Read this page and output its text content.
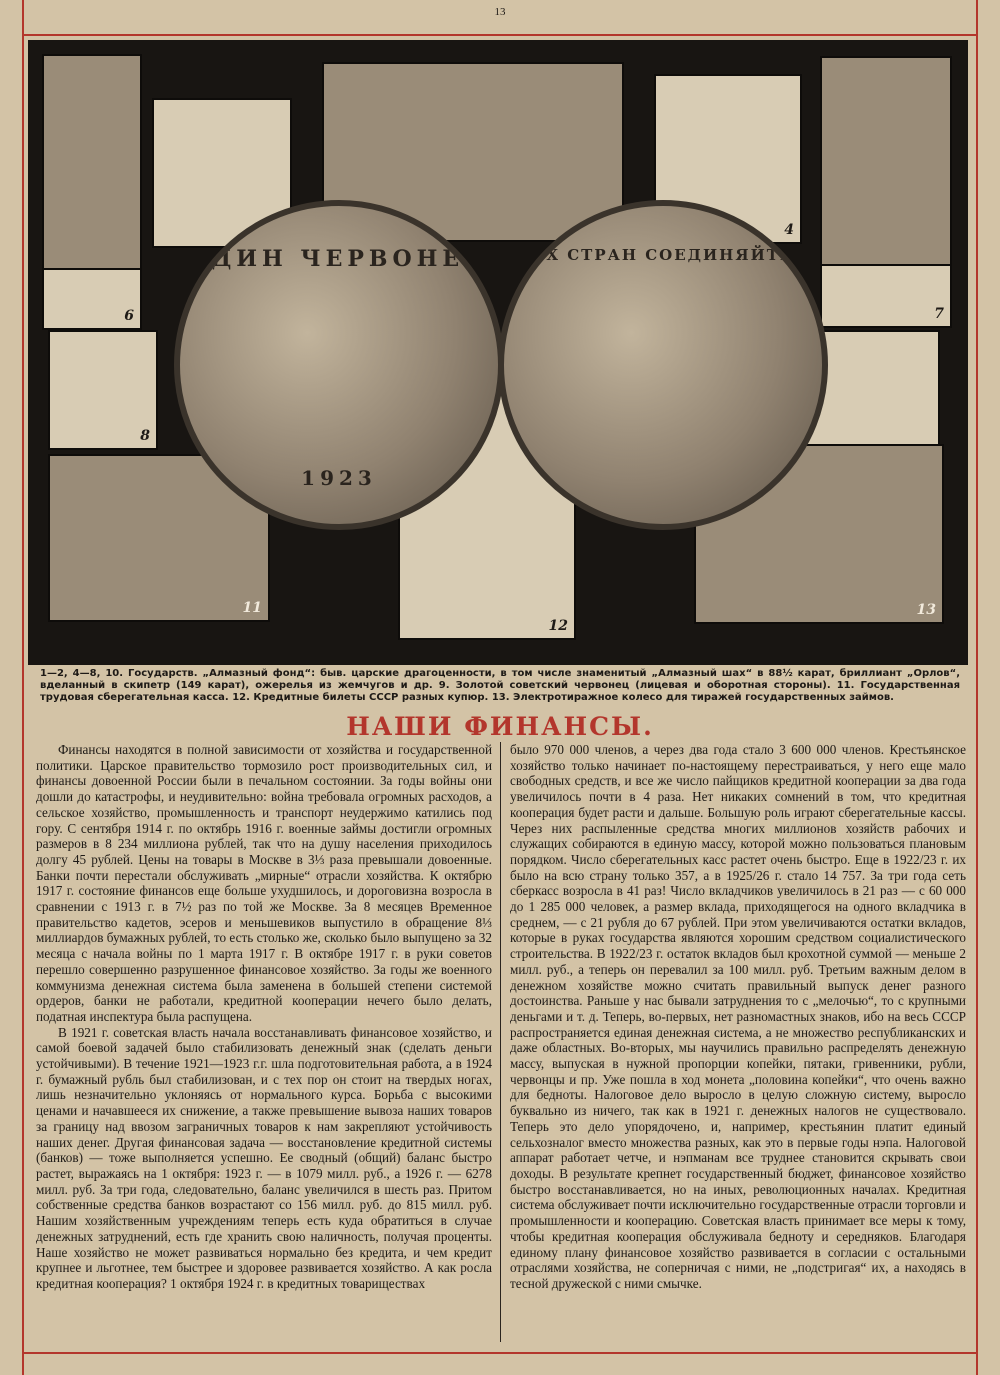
13
4
6	7
8
11
12
13
ОДИН ЧЕРВОНЕЦ
1923
ВСЕХ СТРАН СОЕДИНЯЙТЕСЬ
1—2, 4—8, 10. Государств. „Алмазный фонд“: быв. царские драгоценности, в том числе знаменитый „Алмазный шах“ в 88½ карат, бриллиант „Орлов“, вделанный в скипетр (149 карат), ожерелья из жемчугов и др. 9. Золотой советский червонец (лицевая и оборотная стороны). 11. Государственная трудовая сберегательная касса. 12. Кредитные билеты СССР разных купюр. 13. Электротиражное колесо для тиражей государственных займов.
НАШИ ФИНАНСЫ.

Финансы находятся в полной зависимости от хозяйства и государственной политики. Царское правительство тормозило рост производительных сил, и финансы довоенной России были в печальном состоянии. За годы войны они дошли до катастрофы, и неудивительно: война требовала огромных расходов, а сельское хозяйство, промышленность и транспорт неудержимо катились под гору. С сентября 1914 г. по октябрь 1916 г. военные займы достигли огромных размеров в 8 234 миллиона рублей, так что на душу населения приходилось долгу 45 рублей. Цены на товары в Москве в 3⅓ раза превышали довоенные. Банки почти перестали обслуживать „мирные“ отрасли хозяйства. К октябрю 1917 г. состояние финансов еще больше ухудшилось, и дороговизна возросла в сравнении с 1913 г. в 7½ раз по той же Москве. За 8 месяцев Временное правительство кадетов, эсеров и меньшевиков выпустило в обращение 8⅓ миллиардов бумажных рублей, то есть столько же, сколько было выпущено за 32 месяца с начала войны по 1 марта 1917 г. В октябре 1917 г. в руки советов перешло совершенно разрушенное финансовое хозяйство. За годы же военного коммунизма денежная система была заменена в большей степени системой ордеров, банки не работали, кредитной кооперации нечего было делать, податная инспектура была распущена.

В 1921 г. советская власть начала восстанавливать финансовое хозяйство, и самой боевой задачей было стабилизовать денежный знак (сделать деньги устойчивыми). В течение 1921—1923 г.г. шла подготовительная работа, а в 1924 г. бумажный рубль был стабилизован, и с тех пор он стоит на твердых ногах, лишь незначительно уклоняясь от нормального курса. Борьба с высокими ценами и начавшееся их снижение, а также превышение вывоза наших товаров за границу над ввозом заграничных товаров к нам закрепляют устойчивость наших денег. Другая финансовая задача — восстановление кредитной системы (банков) — тоже выполняется успешно. Ее сводный (общий) баланс быстро растет, выражаясь на 1 октября: 1923 г. — в 1079 милл. руб., а 1926 г. — 6278 милл. руб. За три года, следовательно, баланс увеличился в шесть раз. Притом собственные средства банков возрастают со 156 милл. руб. до 815 милл. руб. Нашим хозяйственным учреждениям теперь есть куда обратиться в случае денежных затруднений, есть где хранить свою наличность, получая проценты. Наше хозяйство не может развиваться нормально без кредита, и чем кредит крупнее и льготнее, тем быстрее и здоровее развивается хозяйство. А как росла кредитная кооперация? 1 октября 1924 г. в кредитных товариществах

было 970 000 членов, а через два года стало 3 600 000 членов. Крестьянское хозяйство только начинает по-настоящему перестраиваться, у него еще мало свободных средств, и все же число пайщиков кредитной кооперации за два года увеличилось почти в 4 раза. Нет никаких сомнений в том, что кредитная кооперация будет расти и дальше. Большую роль играют сберегательные кассы. Через них распыленные средства многих миллионов хозяйств рабочих и служащих собираются в единую массу, которой можно пользоваться плановым порядком. Число сберегательных касс растет очень быстро. Еще в 1922/23 г. их было на всю страну только 357, а в 1925/26 г. стало 14 757. За три года сеть сберкасс возросла в 41 раз! Число вкладчиков увеличилось в 21 раз — с 60 000 до 1 285 000 человек, а размер вклада, приходящегося на одного вкладчика в среднем, — с 21 рубля до 67 рублей. При этом увеличиваются остатки вкладов, которые в руках государства являются хорошим средством социалистического строительства. В 1922/23 г. остаток вкладов был крохотной суммой — меньше 2 милл. руб., а теперь он перевалил за 100 милл. руб. Третьим важным делом в денежном хозяйстве можно считать правильный выпуск денег разного достоинства. Раньше у нас бывали затруднения то с „мелочью“, то с крупными деньгами и т. д. Теперь, во-первых, нет разномастных знаков, ибо на весь СССР распространяется единая денежная система, а не множество республиканских и даже областных. Во-вторых, мы научились правильно распределять денежную массу, выпуская в нужной пропорции копейки, пятаки, гривенники, рубли, червонцы и пр. Уже пошла в ход монета „половина копейки“, что очень важно для бедноты. Налоговое дело выросло в целую сложную систему, выросло буквально из ничего, так как в 1921 г. денежных налогов не существовало. Теперь это дело упорядочено, и, например, крестьянин платит единый сельхозналог вместо множества разных, как это в первые годы нэпа. Налоговой аппарат работает четче, и нэпманам все труднее становится скрывать свои доходы. В результате крепнет государственный бюджет, финансовое хозяйство быстро восстанавливается, но на иных, революционных началах. Кредитная система обслуживает почти исключительно государственные отрасли торговли и промышленности и кооперацию. Советская власть принимает все меры к тому, чтобы кредитная кооперация обслуживала бедноту и середняков. Благодаря единому плану финансовое хозяйство развивается в согласии с остальными отраслями хозяйства, не соперничая с ними, не „подстригая“ их, а находясь в тесной дружеской с ними смычке.
